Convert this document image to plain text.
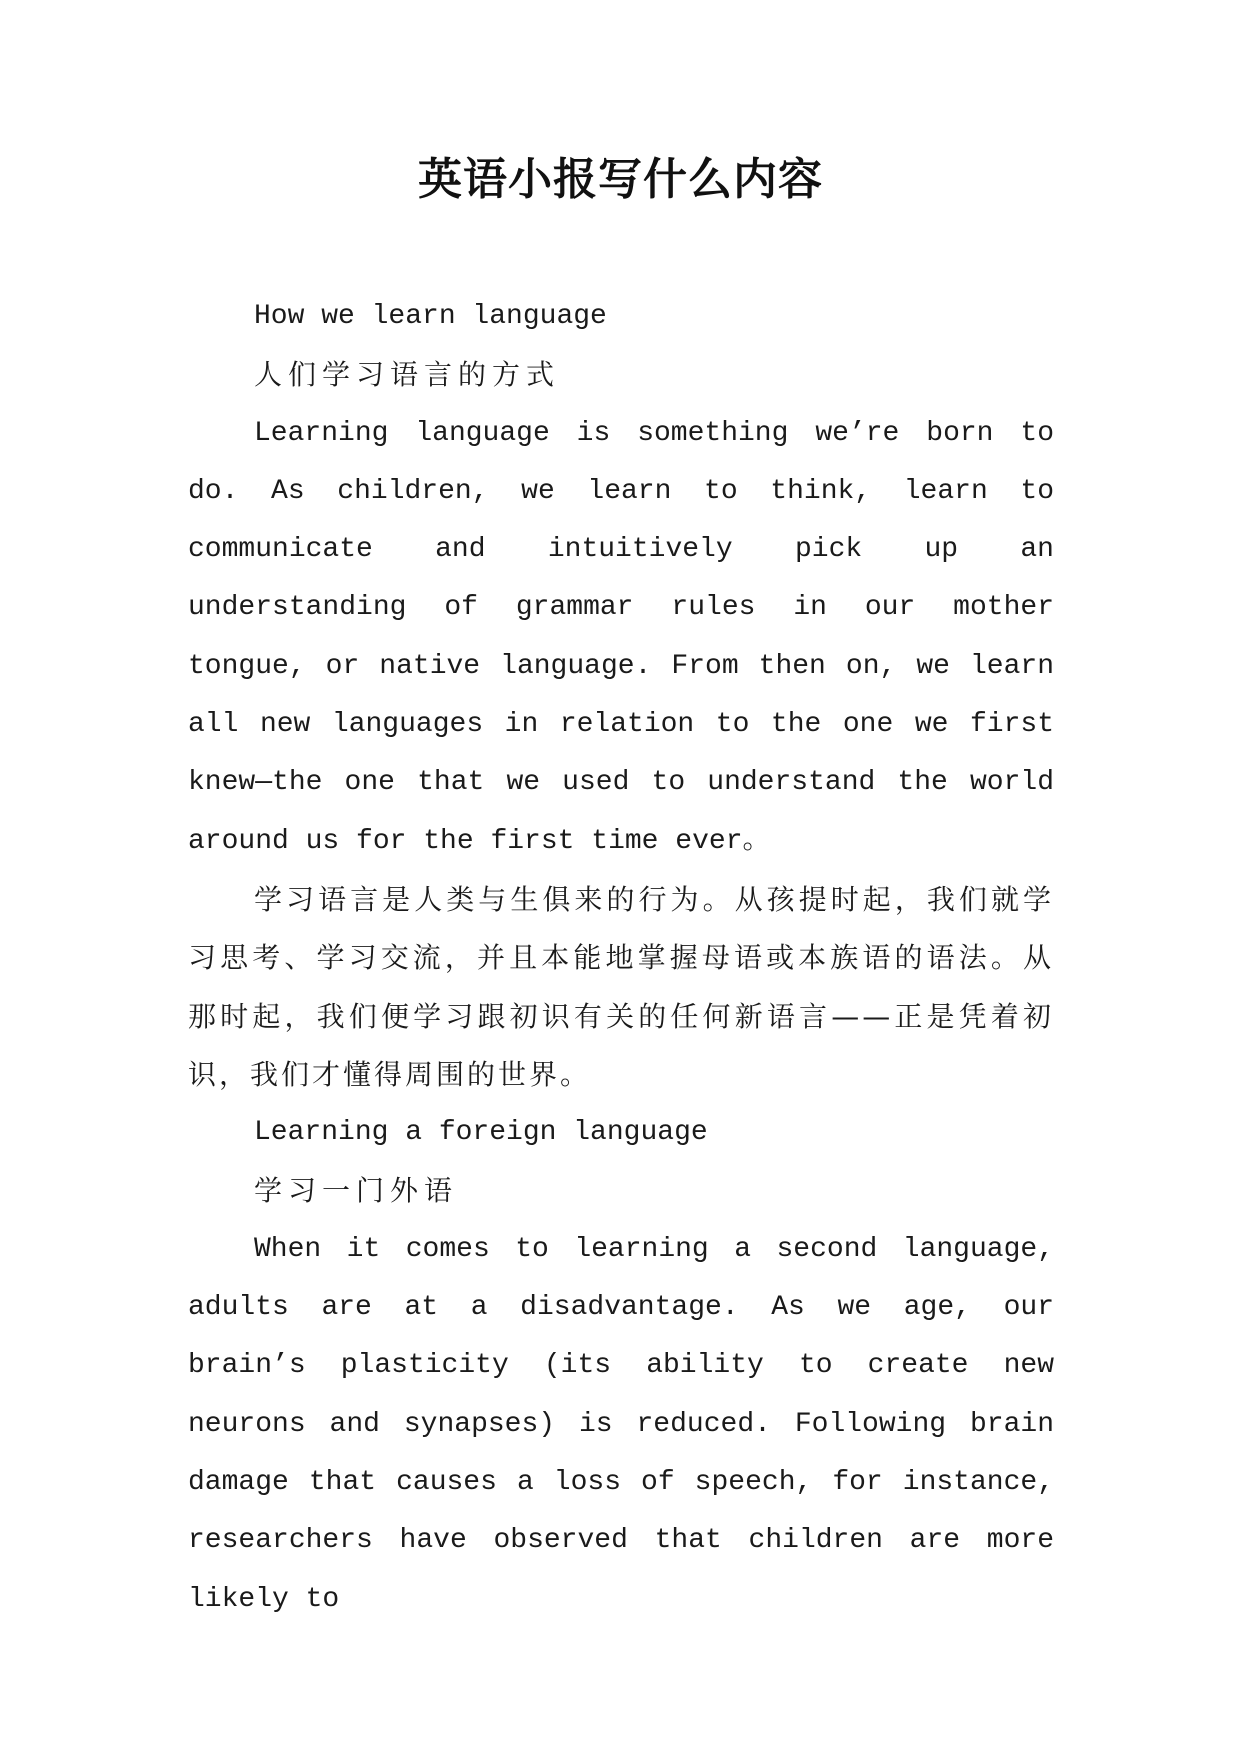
英语小报写什么内容

How we learn language

人们学习语言的方式

Learning language is something we’re born to do. As children, we learn to think, learn to communicate and intuitively pick up an understanding of grammar rules in our mother tongue, or native language. From then on, we learn all new languages in relation to the one we first knew—the one that we used to understand the world around us for the first time ever。

学习语言是人类与生俱来的行为。从孩提时起，我们就学习思考、学习交流，并且本能地掌握母语或本族语的语法。从那时起，我们便学习跟初识有关的任何新语言——正是凭着初识，我们才懂得周围的世界。

Learning a foreign language

学习一门外语

When it comes to learning a second language, adults are at a disadvantage. As we age, our brain’s plasticity (its ability to create new neurons and synapses) is reduced. Following brain damage that causes a loss of speech, for instance, researchers have observed that children are more likely to
